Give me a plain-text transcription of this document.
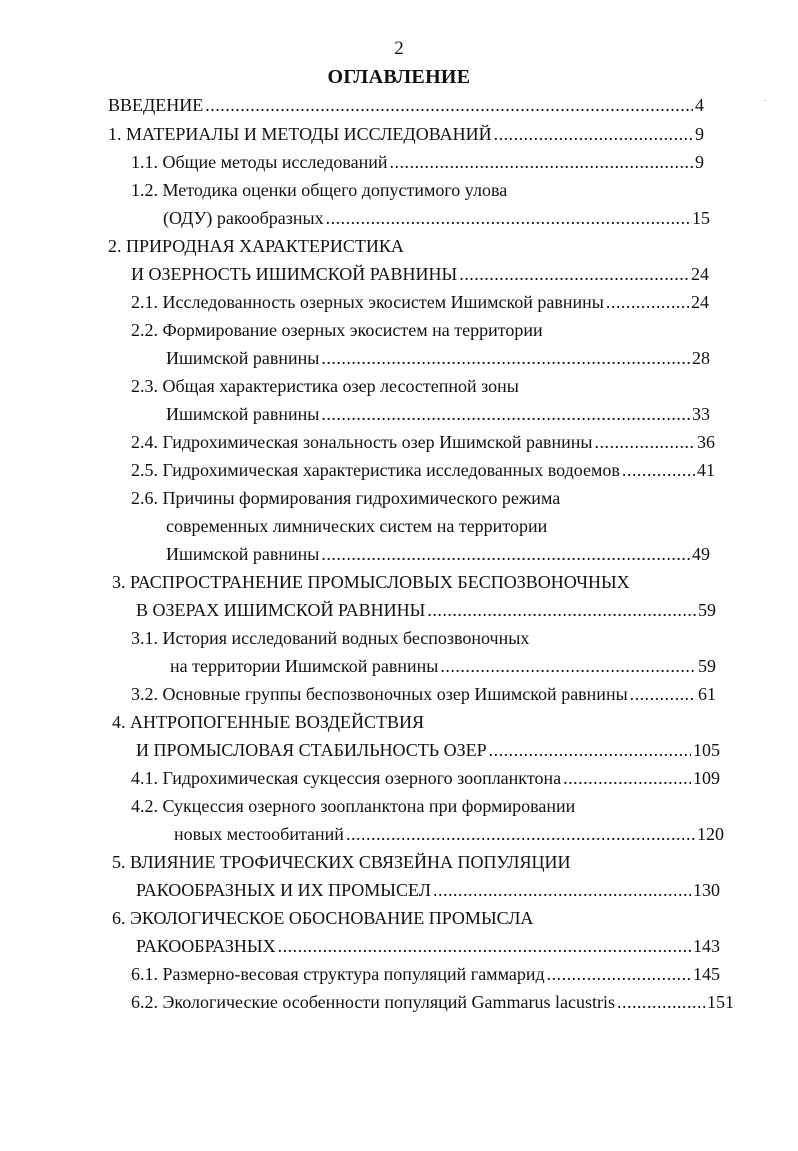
2
ОГЛАВЛЕНИЕ
ВВЕДЕНИЕ . . .	4
1. МАТЕРИАЛЫ И МЕТОДЫ ИССЛЕДОВАНИЙ . . .	9
1.1. Общие методы исследований . . .	9
1.2. Методика оценки общего допустимого улова
(ОДУ) ракообразных . . .	15
2. ПРИРОДНАЯ ХАРАКТЕРИСТИКА
И ОЗЕРНОСТЬ ИШИМСКОЙ РАВНИНЫ . . .	24
2.1. Исследованность озерных экосистем Ишимской равнины . . .	24
2.2. Формирование озерных экосистем на территории
Ишимской равнины . . .	28
2.3. Общая характеристика озер лесостепной зоны
Ишимской равнины . . .	33
2.4. Гидрохимическая зональность озер Ишимской равнины . . .	36
2.5. Гидрохимическая характеристика исследованных водоемов . . .	41
2.6. Причины формирования гидрохимического режима
современных лимнических систем на территории
Ишимской равнины . . .	49
3. РАСПРОСТРАНЕНИЕ ПРОМЫСЛОВЫХ БЕСПОЗВОНОЧНЫХ
В ОЗЕРАХ ИШИМСКОЙ РАВНИНЫ . . .	59
3.1. История исследований водных беспозвоночных
на территории Ишимской равнины . . .	59
3.2. Основные группы беспозвоночных озер Ишимской равнины . . .	61
4. АНТРОПОГЕННЫЕ ВОЗДЕЙСТВИЯ
И ПРОМЫСЛОВАЯ СТАБИЛЬНОСТЬ ОЗЕР . . .	105
4.1. Гидрохимическая сукцессия озерного зоопланктона . . .	109
4.2. Сукцессия озерного зоопланктона при формировании
новых местообитаний . . .	120
5. ВЛИЯНИЕ ТРОФИЧЕСКИХ СВЯЗЕЙНА ПОПУЛЯЦИИ
РАКООБРАЗНЫХ И ИХ ПРОМЫСЕЛ . . .	130
6. ЭКОЛОГИЧЕСКОЕ ОБОСНОВАНИЕ ПРОМЫСЛА
РАКООБРАЗНЫХ . . .	143
6.1. Размерно-весовая структура популяций гаммарид . . .	145
6.2. Экологические особенности популяций Gammarus lacustris . . .	151
